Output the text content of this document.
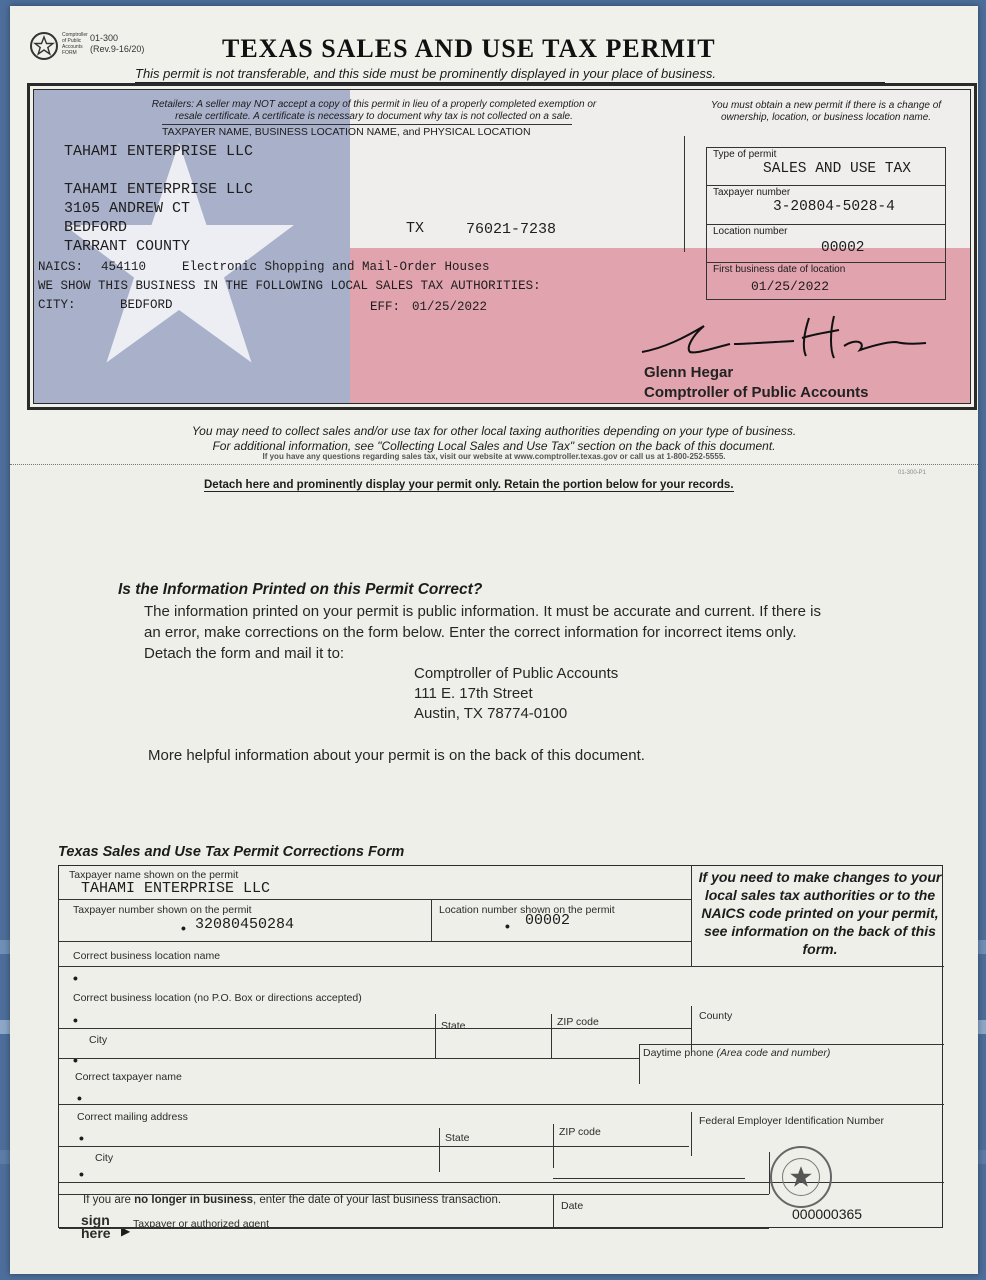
Comptroller of Public Accounts FORM
01-300
(Rev.9-16/20)	TEXAS SALES AND USE TAX PERMIT
This permit is not transferable, and this side must be prominently displayed in your place of business.
Retailers: A seller may NOT accept a copy of this permit in lieu of a properly completed exemption or
resale certificate. A certificate is necessary to document why tax is not collected on a sale.
TAXPAYER NAME, BUSINESS LOCATION NAME, and PHYSICAL LOCATION
You must obtain a new permit if there is a change of
ownership, location, or business location name.
TAHAMI ENTERPRISE LLC
TAHAMI ENTERPRISE LLC
3105 ANDREW CT
BEDFORD	TX	76021-7238
TARRANT COUNTY
NAICS: 454110	Electronic Shopping and Mail-Order Houses
WE SHOW THIS BUSINESS IN THE FOLLOWING LOCAL SALES TAX AUTHORITIES:
CITY:	BEDFORD	EFF: 01/25/2022
Type of permit
SALES AND USE TAX
Taxpayer number
3-20804-5028-4
Location number
00002
First business date of location
01/25/2022
Glenn Hegar
Comptroller of Public Accounts
You may need to collect sales and/or use tax for other local taxing authorities depending on your type of business.
For additional information, see "Collecting Local Sales and Use Tax" section on the back of this document.
If you have any questions regarding sales tax, visit our website at www.comptroller.texas.gov or call us at 1-800-252-5555.
01-300-P1
Detach here and prominently display your permit only. Retain the portion below for your records.
Is the Information Printed on this Permit Correct?
The information printed on your permit is public information. It must be accurate and current. If there is
an error, make corrections on the form below. Enter the correct information for incorrect items only.
Detach the form and mail it to:
Comptroller of Public Accounts
111 E. 17th Street
Austin, TX 78774-0100
More helpful information about your permit is on the back of this document.
Texas Sales and Use Tax Permit Corrections Form
If you need to make changes to your local sales tax authorities or to the NAICS code printed on your permit, see information on the back of this form.
Taxpayer name shown on the permit
TAHAMI ENTERPRISE LLC
Taxpayer number shown on the permit
• 32080450284
Location number shown on the permit
• 00002
Correct business location name
•
Correct business location (no P.O. Box or directions accepted)
•
City
•
State	ZIP code	County
Daytime phone (Area code and number)
Correct taxpayer name
•
Correct mailing address
•
City
•
State	ZIP code
Federal Employer Identification Number
If you are no longer in business, enter the date of your last business transaction.
sign
here ▶ Taxpayer or authorized agent
Date	000000365
